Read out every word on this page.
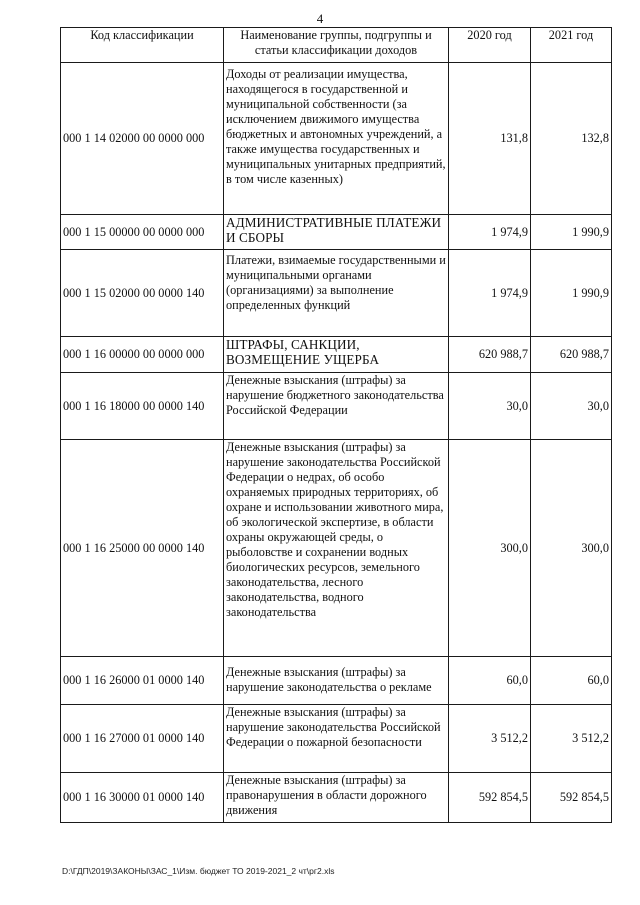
4
Код классификации	Наименование группы, подгруппы и статьи классификации доходов	2020 год	2021 год
000 1 14 02000 00 0000 000	Доходы от реализации имущества, находящегося в государственной и муниципальной собственности (за исключением движимого имущества бюджетных и автономных учреждений, а также имущества государственных и муниципальных унитарных предприятий, в том числе казенных)	131,8	132,8
000 1 15 00000 00 0000 000	АДМИНИСТРАТИВНЫЕ ПЛАТЕЖИ И СБОРЫ	1 974,9	1 990,9
000 1 15 02000 00 0000 140	Платежи, взимаемые государственными и муниципальными органами (организациями) за выполнение определенных функций	1 974,9	1 990,9
000 1 16 00000 00 0000 000	ШТРАФЫ, САНКЦИИ, ВОЗМЕЩЕНИЕ УЩЕРБА	620 988,7	620 988,7
000 1 16 18000 00 0000 140	Денежные взыскания (штрафы) за нарушение бюджетного законодательства Российской Федерации	30,0	30,0
000 1 16 25000 00 0000 140	Денежные взыскания (штрафы) за нарушение законодательства Российской Федерации о недрах, об особо охраняемых природных территориях, об охране и использовании животного мира, об экологической экспертизе, в области охраны окружающей среды, о рыболовстве и сохранении водных биологических ресурсов, земельного законодательства, лесного законодательства, водного законодательства	300,0	300,0
000 1 16 26000 01 0000 140	Денежные взыскания (штрафы) за нарушение законодательства о рекламе	60,0	60,0
000 1 16 27000 01 0000 140	Денежные взыскания (штрафы) за нарушение законодательства Российской Федерации о пожарной безопасности	3 512,2	3 512,2
000 1 16 30000 01 0000 140	Денежные взыскания (штрафы) за правонарушения в области дорожного движения	592 854,5	592 854,5
D:\ГДП\2019\ЗАКОНЫ\ЗАС_1\Изм. бюджет ТО 2019-2021_2 чт\рг2.xls
